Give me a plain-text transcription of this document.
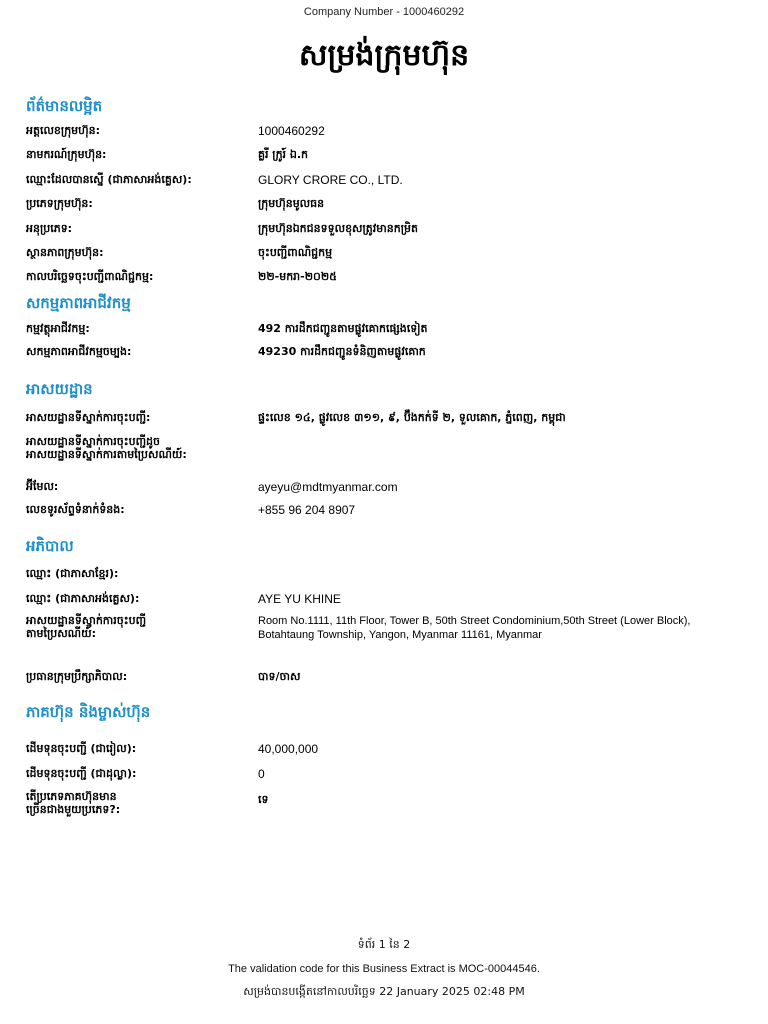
Company Number - 1000460292
សម្រង់ក្រុមហ៊ុន
ព័ត៌មានលម្អិត
អត្តលេខក្រុមហ៊ុន:	1000460292
នាមករណ៍ក្រុមហ៊ុន:	គ្លរី ក្រូរ៍ ឯ.ក
ឈ្មោះដែលបានស្នើ (ជាភាសាអង់គ្លេស):	GLORY CRORE CO., LTD.
ប្រភេទក្រុមហ៊ុន:	ក្រុមហ៊ុនមូលធន
អនុប្រភេទ:	ក្រុមហ៊ុនឯកជនទទួលខុសត្រូវមានកម្រិត
ស្ថានភាពក្រុមហ៊ុន:	ចុះបញ្ជីពាណិជ្ជកម្ម
កាលបរិច្ឆេទចុះបញ្ជីពាណិជ្ជកម្ម:	២២-មករា-២០២៥
សកម្មភាពអាជីវកម្ម
កម្មវត្ថុអាជីវកម្ម:	492 ការដឹកជញ្ជូនតាមផ្លូវគោកផ្សេងទៀត
សកម្មភាពអាជីវកម្មចម្បង:	49230 ការដឹកជញ្ជូនទំនិញតាមផ្លូវគោក
អាសយដ្ឋាន
អាសយដ្ឋានទីស្នាក់ការចុះបញ្ជី:	ផ្ទះលេខ ១៤, ផ្លូវលេខ ៣១១, ៩, ប៊ឹងកក់ទី ២, ទួលគោក, ភ្នំពេញ, កម្ពុជា
អាសយដ្ឋានទីស្នាក់ការចុះបញ្ជីដូច
អាសយដ្ឋានទីស្នាក់ការតាមប្រៃសណីយ៍:
អ៊ីមែល:	ayeyu@mdtmyanmar.com
លេខទូរស័ព្ទទំនាក់ទំនង:	+855 96 204 8907
អភិបាល
ឈ្មោះ (ជាភាសាខ្មែរ):
ឈ្មោះ (ជាភាសាអង់គ្លេស):	AYE YU KHINE
អាសយដ្ឋានទីស្នាក់ការចុះបញ្ជី
តាមប្រៃសណីយ៍:
Room No.1111, 11th Floor, Tower B, 50th Street Condominium,50th Street (Lower Block), Botahtaung Township, Yangon, Myanmar 11161, Myanmar
ប្រធានក្រុមប្រឹក្សាភិបាល:	បាទ/ចាស
ភាគហ៊ុន និងម្ចាស់ហ៊ុន
ដើមទុនចុះបញ្ជី (ជារៀល):	40,000,000
ដើមទុនចុះបញ្ជី (ជាដុល្លា):	0
តើប្រភេទភាគហ៊ុនមាន
ច្រើនជាងមួយប្រភេទ?:
ទេ
ទំព័រ 1 នៃ 2
The validation code for this Business Extract is MOC-00044546.
សម្រង់បានបង្កើតនៅកាលបរិច្ឆេទ 22 January 2025 02:48 PM
